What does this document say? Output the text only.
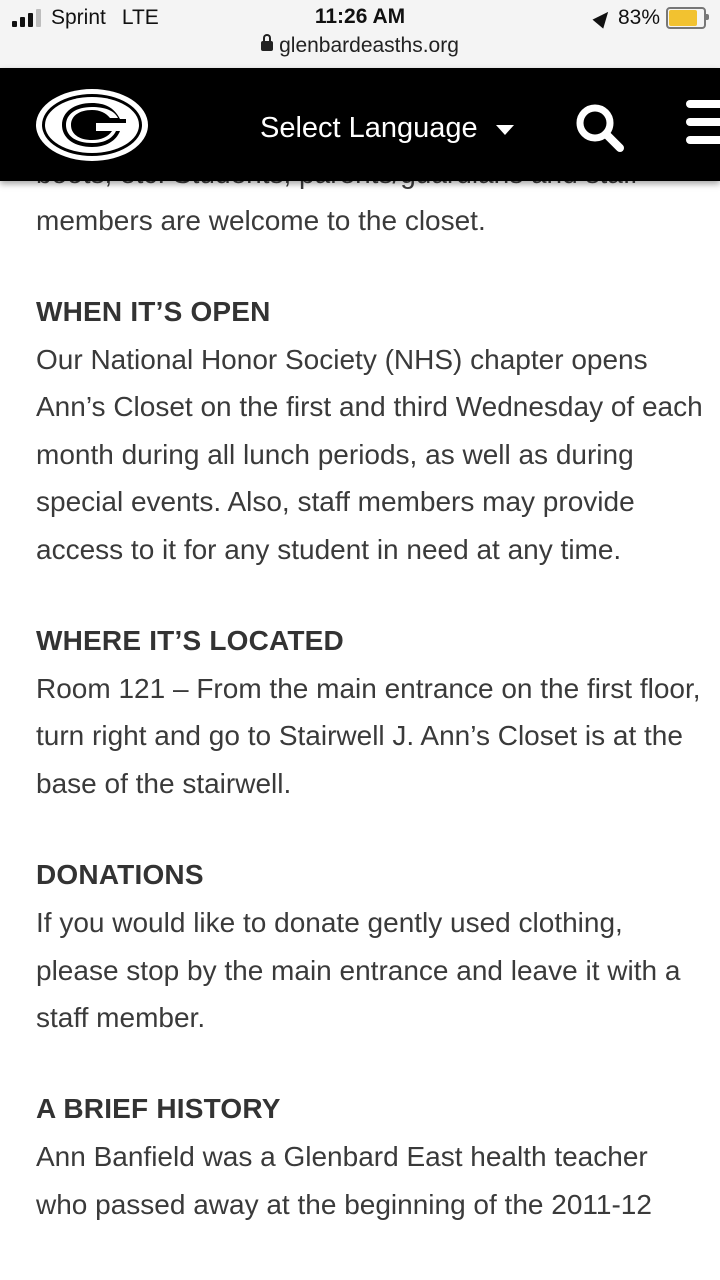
Sprint LTE	11:26 AM
glenbardeasths.org
83%
Select Language

members are welcome to the closet.

WHEN IT’S OPEN

Our National Honor Society (NHS) chapter opens Ann’s Closet on the first and third Wednesday of each month during all lunch periods, as well as during special events. Also, staff members may provide access to it for any student in need at any time.

WHERE IT’S LOCATED

Room 121 – From the main entrance on the first floor, turn right and go to Stairwell J. Ann’s Closet is at the base of the stairwell.

DONATIONS

If you would like to donate gently used clothing, please stop by the main entrance and leave it with a staff member.

A BRIEF HISTORY

Ann Banfield was a Glenbard East health teacher who passed away at the beginning of the 2011-12
